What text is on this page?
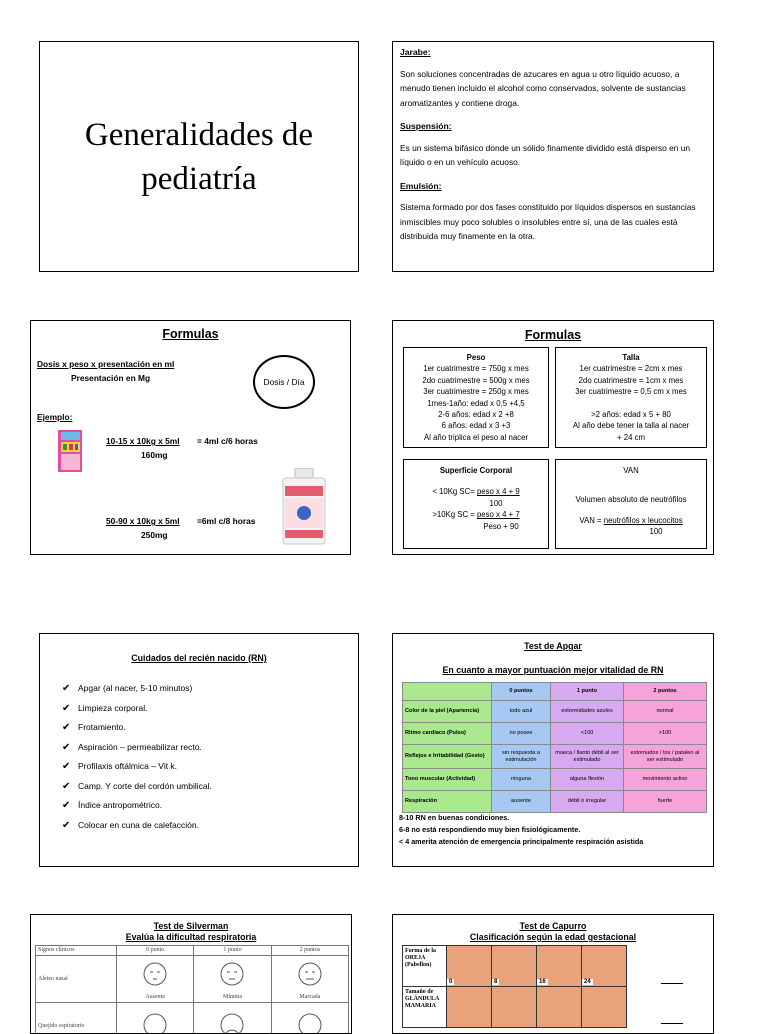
Generalidades de
pediatría
Jarabe:

Son soluciones concentradas de azucares en agua u otro líquido acuoso, a menudo tienen incluido el alcohol como conservados, solvente de sustancias aromatizantes y contiene droga.

Suspensión:

Es un sistema bifásico donde un sólido finamente dividido está disperso en un líquido o en un vehículo acuoso.

Emulsión:

Sistema formado por dos fases constituido por líquidos dispersos en sustancias inmiscibles muy poco solubles o insolubles entre sí, una de las cuales está distribuida muy finamente en la otra.

Formulas
Dosis x peso x presentación en ml
Presentación en Mg
Ejemplo:
10-15 x 10kg x 5ml = 4ml c/6 horas
160mg
50-90 x 10kg x 5ml =6ml c/8 horas
250mg
Dosis / Día
Formulas
Peso
1er cuatrimestre = 750g x mes
2do cuatrimestre = 500g x mes
3er cuatrimestre = 250g x mes
1mes-1año: edad x 0,5 +4,5
2-6 años: edad x 2 +8
6 años: edad x 3 +3
Al año triplica el peso al nacer
Talla
1er cuatrimestre = 2cm x mes
2do cuatrimestre = 1cm x mes
3er cuatrimestre = 0,5 cm x mes
>2 años: edad x 5 + 80
Al año debe tener la talla al nacer
+ 24 cm
Superficie Corporal
< 10Kg SC= peso x 4 + 9
100
>10Kg SC = peso x 4 + 7
Peso + 90
VAN
Volumen absoluto de neutrófilos
VAN = neutrófilos x leucocitos
100
Cuidados del recién nacido (RN)
✔ Apgar (al nacer, 5-10 minutos)
✔ Limpieza corporal.
✔ Frotamiento.
✔ Aspiración – permeabilizar recto.
✔ Profilaxis oftálmica – Vit k.
✔ Camp. Y corte del cordón umbilical.
✔ Índice antropométrico.
✔ Colocar en cuna de calefacción.
Test de Apgar
En cuanto a mayor puntuación mejor vitalidad de RN
	0 puntos	1 punto	2 puntos
Color de la piel (Apariencia)	todo azul	extremidades azules	normal
Ritmo cardíaco (Pulso)	no posee	<100	>100
Reflejos e Irritabilidad (Gesto)	sin respuesta a estimulación	mueca / llanto débil al ser estimulado	estornudos / tos / pataleo al ser estimulado
Tono muscular (Actividad)	ninguna	alguna flexión	movimiento activo
Respiración	ausente	débil o irregular	fuerte
8-10 RN en buenas condiciones.
6-8 no está respondiendo muy bien fisiológicamente.
< 4 amerita atención de emergencia principalmente respiración asistida
Test de Silverman
Evalúa la dificultad respiratoria
Signos clínicos	0 punto	1 punto	2 puntos
Aleteo nasal	Ausente	Mínima	Marcada

Quejido espiratorio			
Test de Capurro
Clasificación según la edad gestacional
Forma de la OREJA (Pabellon)	0	8	16	24

Tamaño de GLÁNDULA MAMARIA				
